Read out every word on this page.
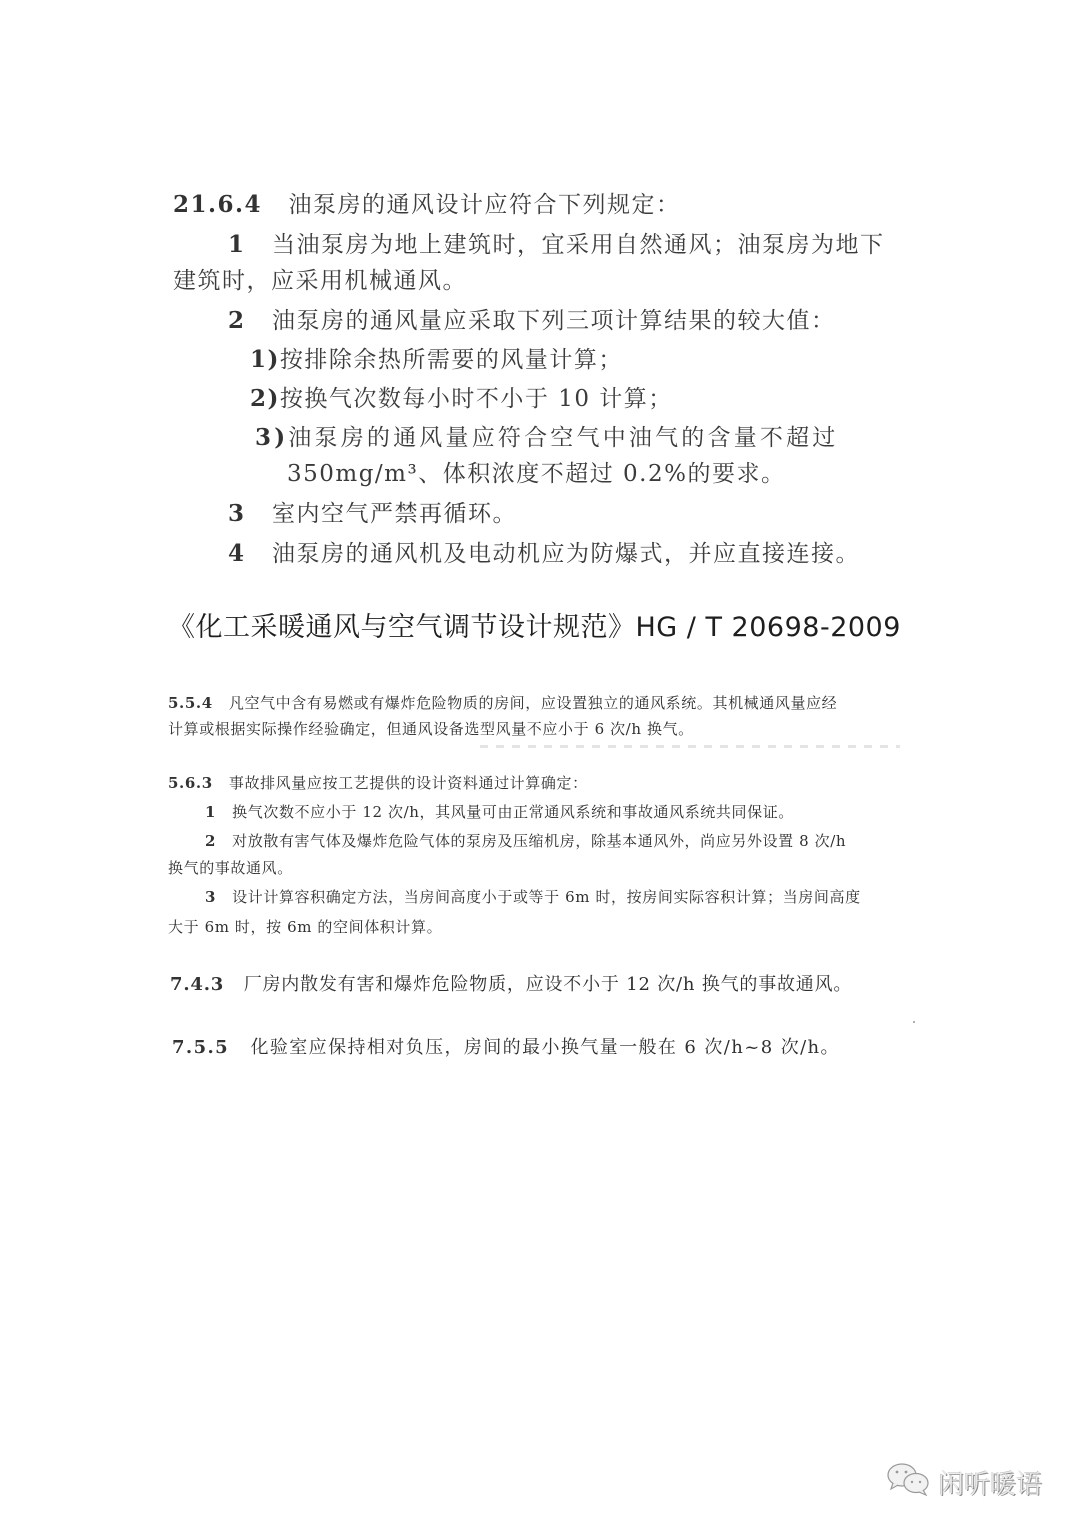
21.6.4 油泵房的通风设计应符合下列规定：
1 当油泵房为地上建筑时，宜采用自然通风；油泵房为地下
建筑时，应采用机械通风。
2 油泵房的通风量应采取下列三项计算结果的较大值：
1)按排除余热所需要的风量计算；
2)按换气次数每小时不小于 10 计算；
3)油泵房的通风量应符合空气中油气的含量不超过
350mg/m³、体积浓度不超过 0.2%的要求。
3 室内空气严禁再循环。
4 油泵房的通风机及电动机应为防爆式，并应直接连接。
《化工采暖通风与空气调节设计规范》HG / T 20698-2009
5.5.4 凡空气中含有易燃或有爆炸危险物质的房间，应设置独立的通风系统。其机械通风量应经
计算或根据实际操作经验确定，但通风设备选型风量不应小于 6 次/h 换气。
5.6.3 事故排风量应按工艺提供的设计资料通过计算确定：
1 换气次数不应小于 12 次/h，其风量可由正常通风系统和事故通风系统共同保证。
2 对放散有害气体及爆炸危险气体的泵房及压缩机房，除基本通风外，尚应另外设置 8 次/h
换气的事故通风。
3 设计计算容积确定方法，当房间高度小于或等于 6m 时，按房间实际容积计算；当房间高度
大于 6m 时，按 6m 的空间体积计算。
7.4.3 厂房内散发有害和爆炸危险物质，应设不小于 12 次/h 换气的事故通风。
7.5.5 化验室应保持相对负压，房间的最小换气量一般在 6 次/h~8 次/h。
闲听暖语
